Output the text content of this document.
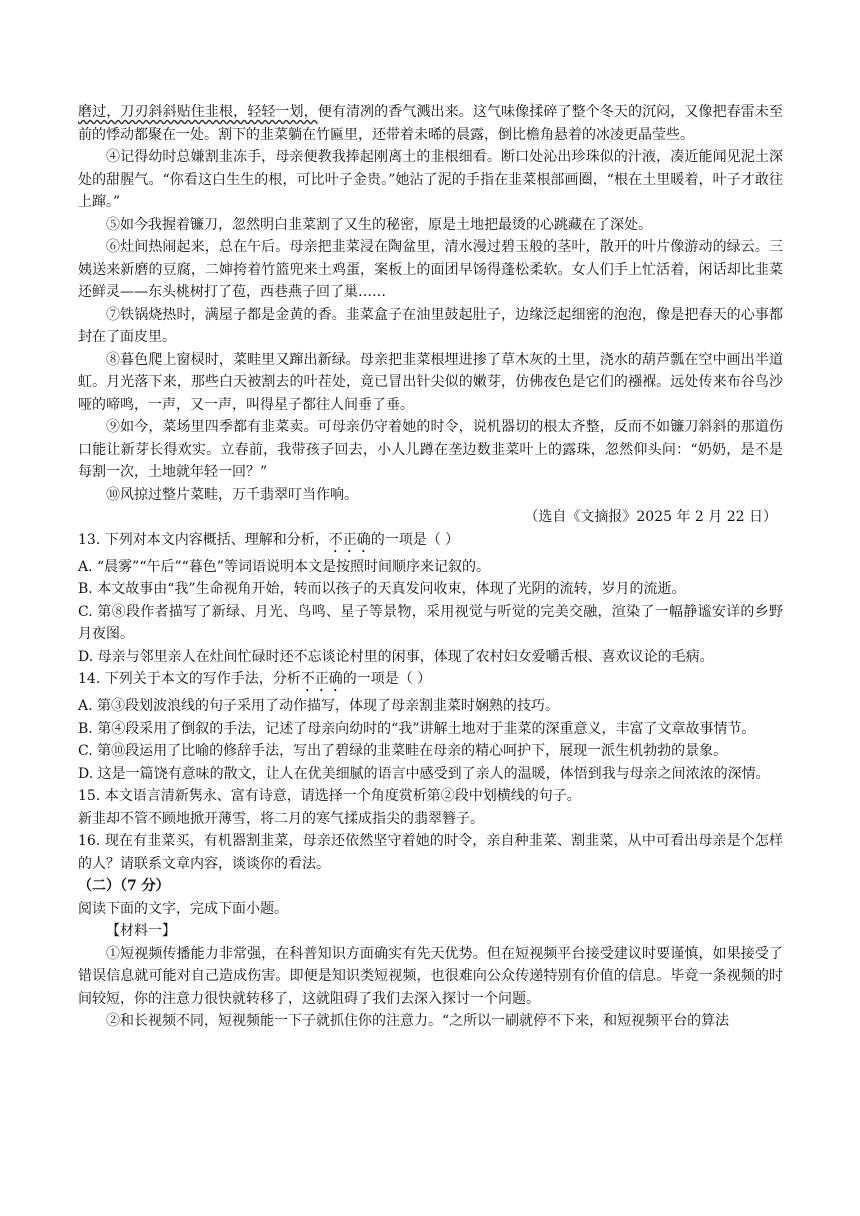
磨过，刀刃斜斜贴住韭根，轻轻一划，便有清冽的香气溅出来。这气味像揉碎了整个冬天的沉闷，又像把春雷未至前的悸动都聚在一处。割下的韭菜躺在竹匾里，还带着未晞的晨露，倒比檐角悬着的冰凌更晶莹些。

④记得幼时总嫌割韭冻手，母亲便教我捧起刚离土的韭根细看。断口处沁出珍珠似的汁液，凑近能闻见泥土深处的甜腥气。“你看这白生生的根，可比叶子金贵。”她沾了泥的手指在韭菜根部画圈，“根在土里暖着，叶子才敢往上蹿。”

⑤如今我握着镰刀，忽然明白韭菜割了又生的秘密，原是土地把最烫的心跳藏在了深处。

⑥灶间热闹起来，总在午后。母亲把韭菜浸在陶盆里，清水漫过碧玉般的茎叶，散开的叶片像游动的绿云。三姨送来新磨的豆腐，二婶挎着竹篮兜来土鸡蛋，案板上的面团早饧得蓬松柔软。女人们手上忙活着，闲话却比韭菜还鲜灵——东头桃树打了苞，西巷燕子回了巢……

⑦铁锅烧热时，满屋子都是金黄的香。韭菜盒子在油里鼓起肚子，边缘泛起细密的泡泡，像是把春天的心事都封在了面皮里。

⑧暮色爬上窗棂时，菜畦里又蹿出新绿。母亲把韭菜根埋进掺了草木灰的土里，浇水的葫芦瓢在空中画出半道虹。月光落下来，那些白天被割去的叶茬处，竟已冒出针尖似的嫩芽，仿佛夜色是它们的襁褓。远处传来布谷鸟沙哑的啼鸣，一声，又一声，叫得星子都往人间垂了垂。

⑨如今，菜场里四季都有韭菜卖。可母亲仍守着她的时令，说机器切的根太齐整，反而不如镰刀斜斜的那道伤口能让新芽长得欢实。立春前，我带孩子回去，小人儿蹲在垄边数韭菜叶上的露珠，忽然仰头问：“奶奶，是不是每割一次，土地就年轻一回？”

⑩风掠过整片菜畦，万千翡翠叮当作响。

（选自《文摘报》2025 年 2 月 22 日）

13. 下列对本文内容概括、理解和分析，不正确的一项是（ ）

A. “晨雾”“午后”“暮色”等词语说明本文是按照时间顺序来记叙的。

B. 本文故事由“我”生命视角开始，转而以孩子的天真发问收束，体现了光阴的流转，岁月的流逝。

C. 第⑧段作者描写了新绿、月光、鸟鸣、星子等景物，采用视觉与听觉的完美交融，渲染了一幅静谧安详的乡野月夜图。

D. 母亲与邻里亲人在灶间忙碌时还不忘谈论村里的闲事，体现了农村妇女爱嚼舌根、喜欢议论的毛病。

14. 下列关于本文的写作手法，分析不正确的一项是（ ）

A. 第③段划波浪线的句子采用了动作描写，体现了母亲割韭菜时娴熟的技巧。

B. 第④段采用了倒叙的手法，记述了母亲向幼时的“我”讲解土地对于韭菜的深重意义，丰富了文章故事情节。

C. 第⑩段运用了比喻的修辞手法，写出了碧绿的韭菜畦在母亲的精心呵护下，展现一派生机勃勃的景象。

D. 这是一篇饶有意味的散文，让人在优美细腻的语言中感受到了亲人的温暖，体悟到我与母亲之间浓浓的深情。

15. 本文语言清新隽永、富有诗意，请选择一个角度赏析第②段中划横线的句子。

新韭却不管不顾地掀开薄雪，将二月的寒气揉成指尖的翡翠簪子。

16. 现在有韭菜买，有机器割韭菜，母亲还依然坚守着她的时令，亲自种韭菜、割韭菜，从中可看出母亲是个怎样的人？请联系文章内容，谈谈你的看法。

（二）（7 分）

阅读下面的文字，完成下面小题。

【材料一】

①短视频传播能力非常强，在科普知识方面确实有先天优势。但在短视频平台接受建议时要谨慎，如果接受了错误信息就可能对自己造成伤害。即便是知识类短视频，也很难向公众传递特别有价值的信息。毕竟一条视频的时间较短，你的注意力很快就转移了，这就阻碍了我们去深入探讨一个问题。

②和长视频不同，短视频能一下子就抓住你的注意力。“之所以一刷就停不下来，和短视频平台的算法
